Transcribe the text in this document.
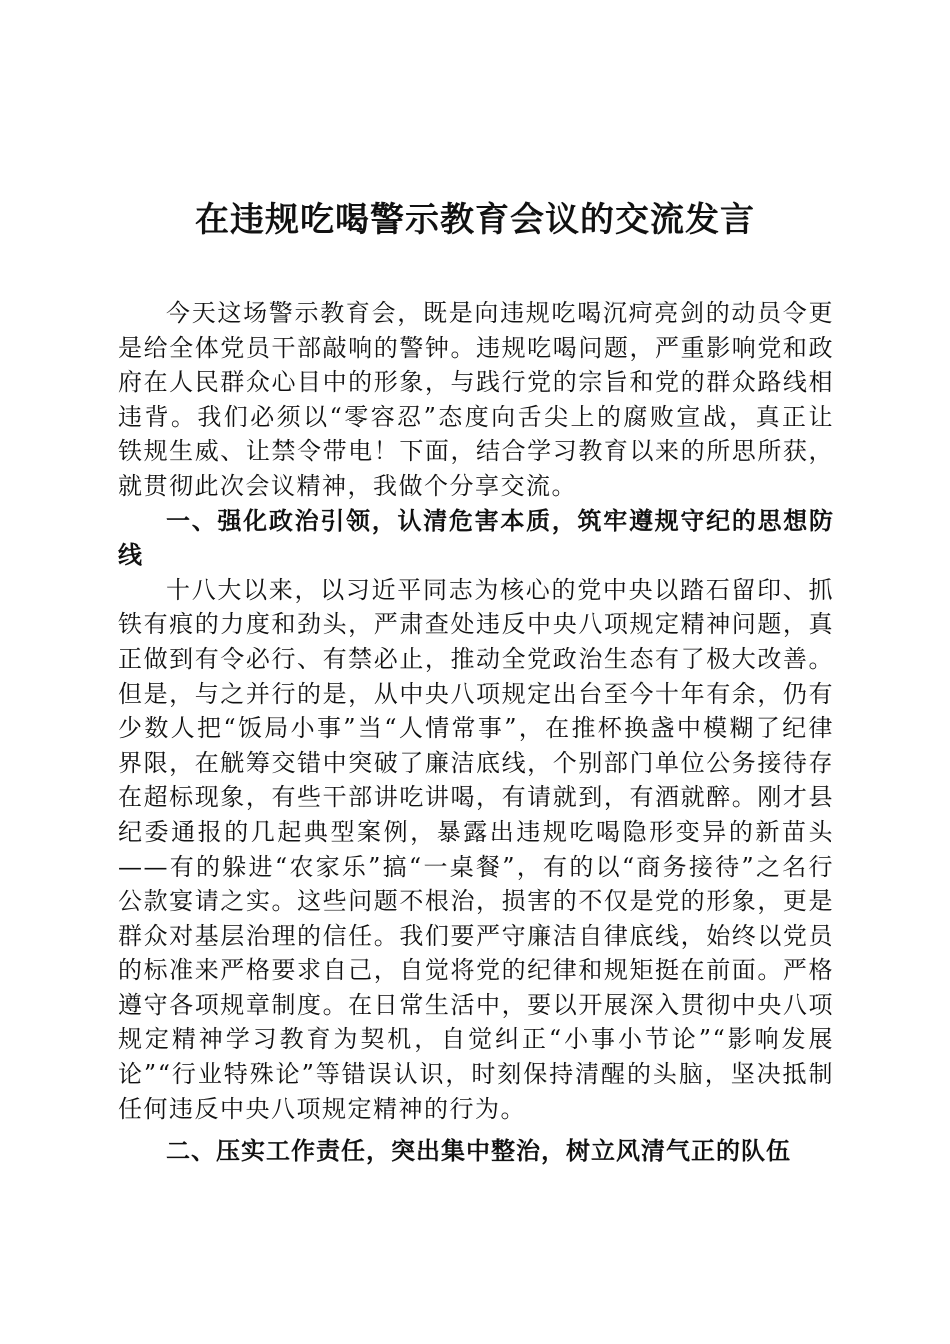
在违规吃喝警示教育会议的交流发言

今天这场警示教育会，既是向违规吃喝沉疴亮剑的动员令更是给全体党员干部敲响的警钟。违规吃喝问题，严重影响党和政府在人民群众心目中的形象，与践行党的宗旨和党的群众路线相违背。我们必须以“零容忍”态度向舌尖上的腐败宣战，真正让铁规生威、让禁令带电！下面，结合学习教育以来的所思所获，就贯彻此次会议精神，我做个分享交流。

一、强化政治引领，认清危害本质，筑牢遵规守纪的思想防线

十八大以来，以习近平同志为核心的党中央以踏石留印、抓铁有痕的力度和劲头，严肃查处违反中央八项规定精神问题，真正做到有令必行、有禁必止，推动全党政治生态有了极大改善。但是，与之并行的是，从中央八项规定出台至今十年有余，仍有少数人把“饭局小事”当“人情常事”，在推杯换盏中模糊了纪律界限，在觥筹交错中突破了廉洁底线，个别部门单位公务接待存在超标现象，有些干部讲吃讲喝，有请就到，有酒就醉。刚才县纪委通报的几起典型案例，暴露出违规吃喝隐形变异的新苗头——有的躲进“农家乐”搞“一桌餐”，有的以“商务接待”之名行公款宴请之实。这些问题不根治，损害的不仅是党的形象，更是群众对基层治理的信任。我们要严守廉洁自律底线，始终以党员的标准来严格要求自己，自觉将党的纪律和规矩挺在前面。严格遵守各项规章制度。在日常生活中，要以开展深入贯彻中央八项规定精神学习教育为契机，自觉纠正“小事小节论”“影响发展论”“行业特殊论”等错误认识，时刻保持清醒的头脑，坚决抵制任何违反中央八项规定精神的行为。

二、压实工作责任，突出集中整治，树立风清气正的队伍
